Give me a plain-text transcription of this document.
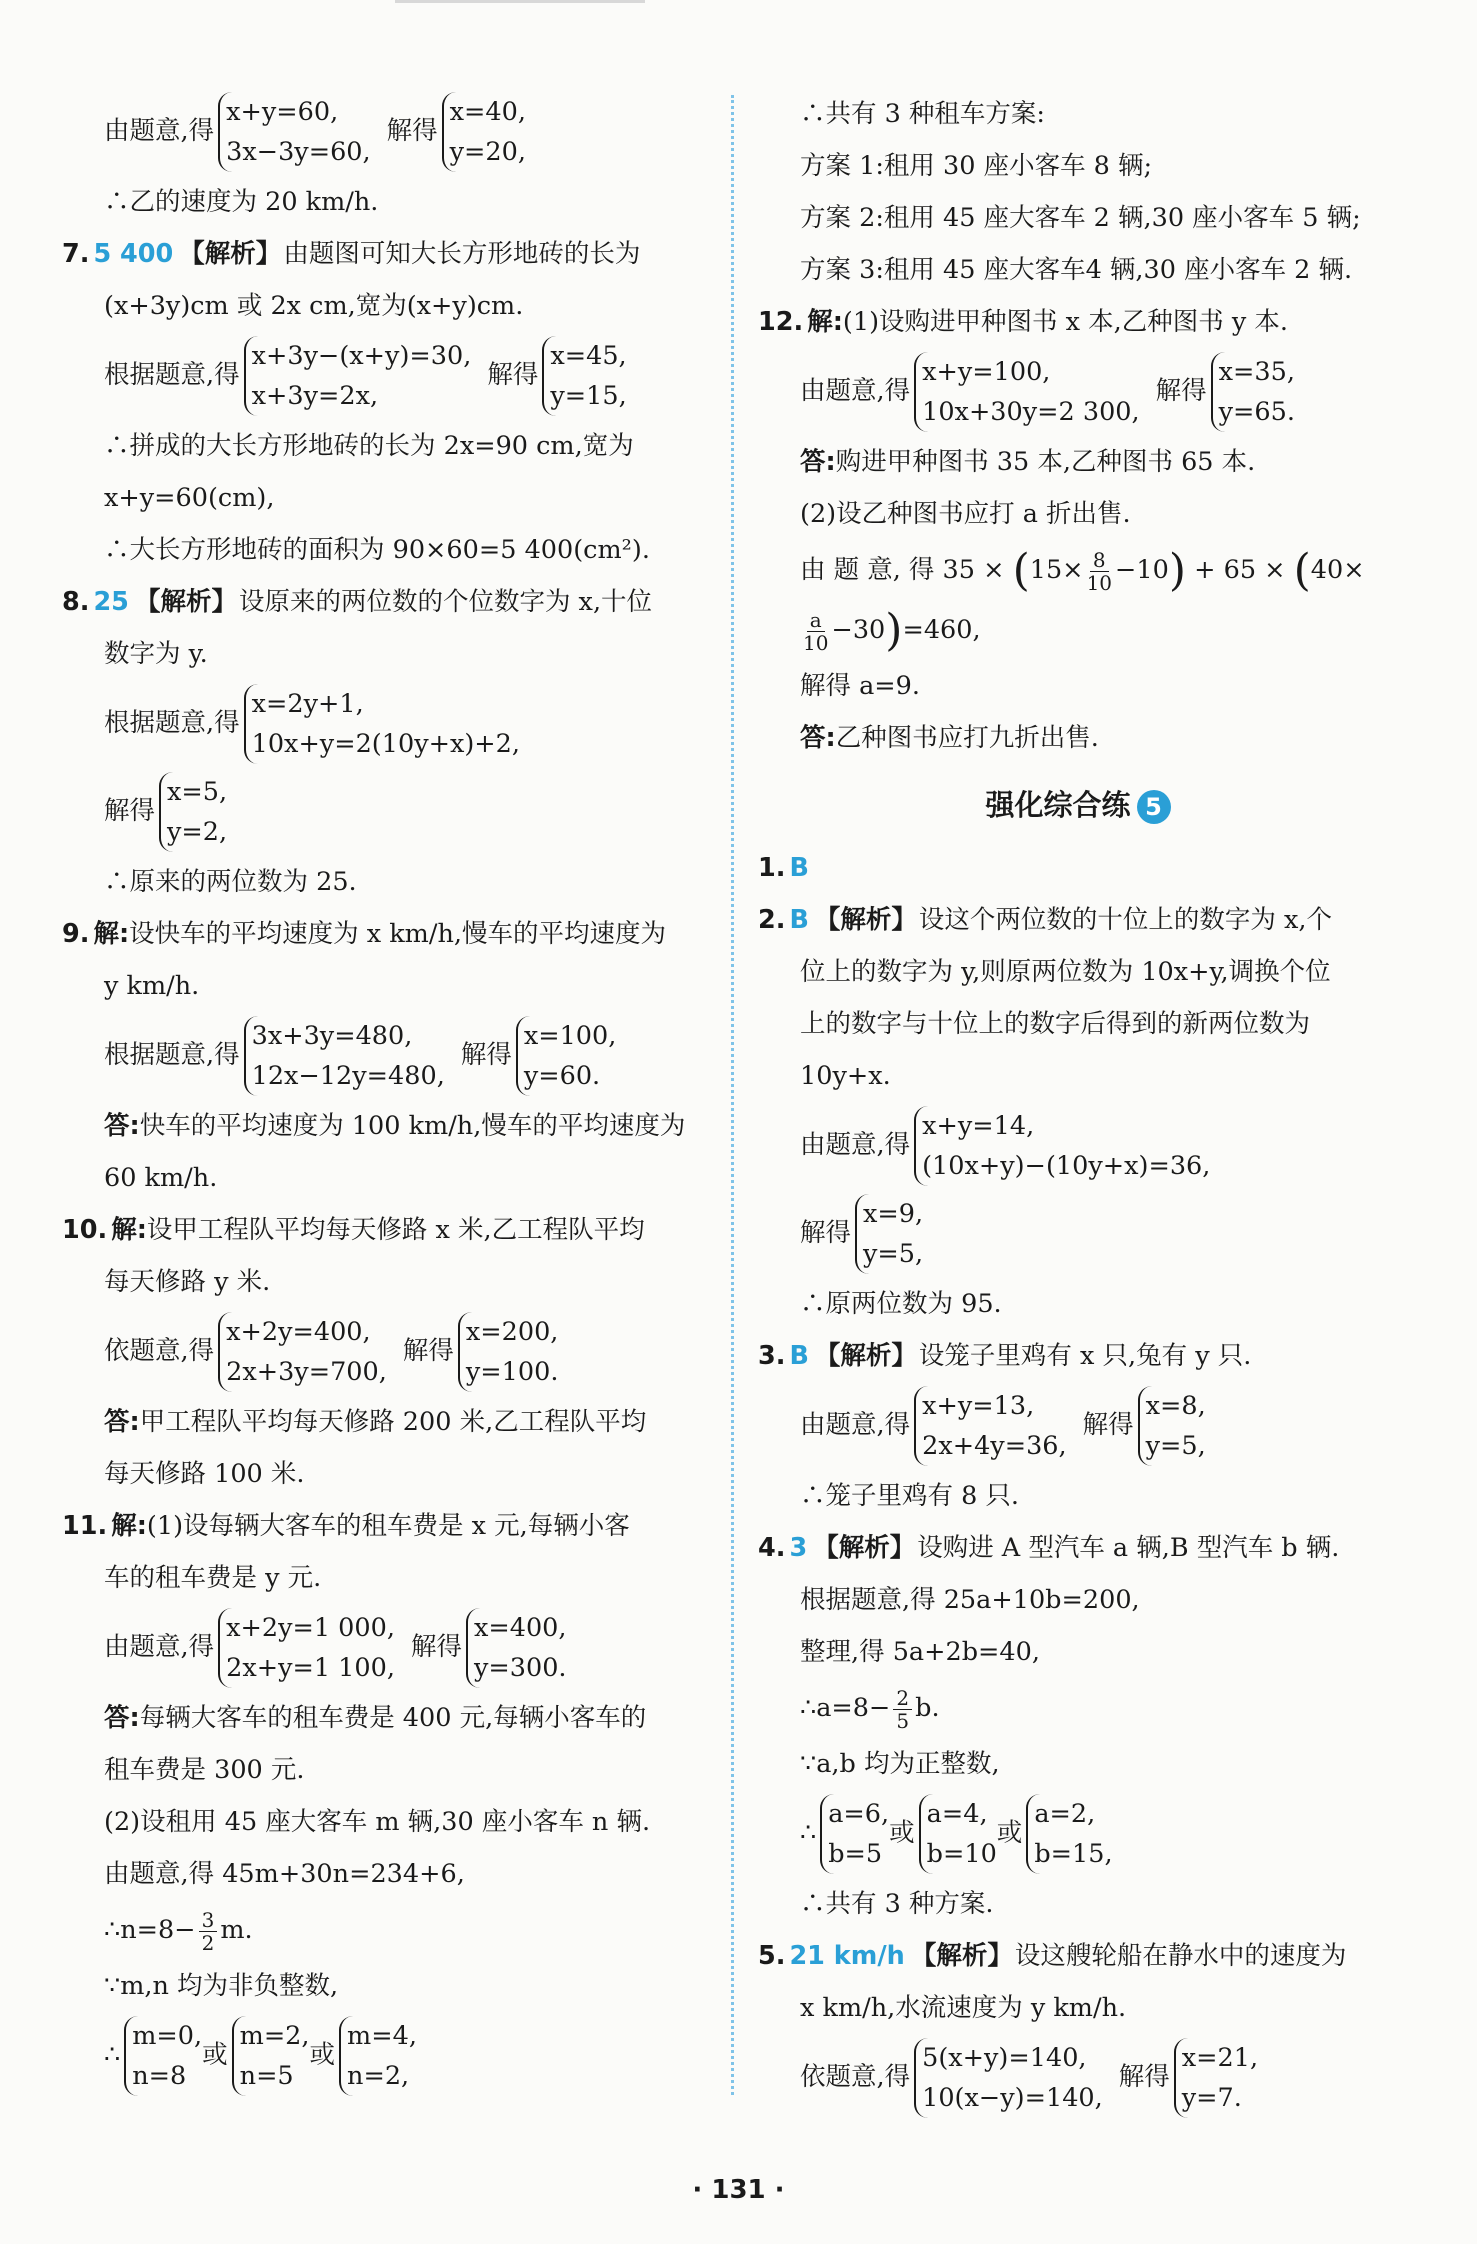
由题意,得
x+y=60,
3x−3y=60,
解得
x=40,
y=20,
∴乙的速度为 20 km/h.
7. 5 400 【解析】由题图可知大长方形地砖的长为
(x+3y)cm 或 2x cm,宽为(x+y)cm.
根据题意,得
x+3y−(x+y)=30,
x+3y=2x,
解得
x=45,
y=15,
∴拼成的大长方形地砖的长为 2x=90 cm,宽为
x+y=60(cm),
∴大长方形地砖的面积为 90×60=5 400(cm²).
8. 25 【解析】设原来的两位数的个位数字为 x,十位
数字为 y.
根据题意,得
x=2y+1,
10x+y=2(10y+x)+2,
解得
x=5,
y=2,
∴原来的两位数为 25.
9. 解:设快车的平均速度为 x km/h,慢车的平均速度为
y km/h.
根据题意,得
3x+3y=480,
12x−12y=480,
解得
x=100,
y=60.
答:快车的平均速度为 100 km/h,慢车的平均速度为
60 km/h.
10. 解:设甲工程队平均每天修路 x 米,乙工程队平均
每天修路 y 米.
依题意,得
x+2y=400,
2x+3y=700,
解得
x=200,
y=100.
答:甲工程队平均每天修路 200 米,乙工程队平均
每天修路 100 米.
11. 解:(1)设每辆大客车的租车费是 x 元,每辆小客
车的租车费是 y 元.
由题意,得
x+2y=1 000,
2x+y=1 100,
解得
x=400,
y=300.
答:每辆大客车的租车费是 400 元,每辆小客车的
租车费是 300 元.
(2)设租用 45 座大客车 m 辆,30 座小客车 n 辆.
由题意,得 45m+30n=234+6,
∴n=8− $\frac{3}{2} m$.
∵m,n 均为非负整数,
∴
m=0,
n=8
或
m=2,
n=5
或
m=4,
n=2,
∴共有 3 种租车方案:
方案 1:租用 30 座小客车 8 辆;
方案 2:租用 45 座大客车 2 辆,30 座小客车 5 辆;
方案 3:租用 45 座大客车4 辆,30 座小客车 2 辆.
12. 解:(1)设购进甲种图书 x 本,乙种图书 y 本.
由题意,得
x+y=100,
10x+30y=2 300,
解得
x=35,
y=65.
答:购进甲种图书 35 本,乙种图书 65 本.
(2)设乙种图书应打 a 折出售.
由 题 意, 得 $35 \times (15\times \frac{8}{10} -10) + 65 \times (40\times$
$\frac{a}{10} -30)=460$,
解得 a=9.
答:乙种图书应打九折出售.
强化综合练 5
1. B
2. B 【解析】设这个两位数的十位上的数字为 x,个
位上的数字为 y,则原两位数为 10x+y,调换个位
上的数字与十位上的数字后得到的新两位数为
10y+x.
由题意,得
x+y=14,
(10x+y)−(10y+x)=36,
解得
x=9,
y=5,
∴原两位数为 95.
3. B 【解析】设笼子里鸡有 x 只,兔有 y 只.
由题意,得
x+y=13,
2x+4y=36,
解得
x=8,
y=5,
∴笼子里鸡有 8 只.
4. 3 【解析】设购进 A 型汽车 a 辆,B 型汽车 b 辆.
根据题意,得 25a+10b=200,
整理,得 5a+2b=40,
∴a=8− $\frac{2}{5} b$.
∵a,b 均为正整数,
∴
a=6,
b=5
或
a=4,
b=10
或
a=2,
b=15,
∴共有 3 种方案.
5. 21 km/h 【解析】设这艘轮船在静水中的速度为
x km/h,水流速度为 y km/h.
依题意,得
5(x+y)=140,
10(x−y)=140,
解得
x=21,
y=7.
· 131 ·
